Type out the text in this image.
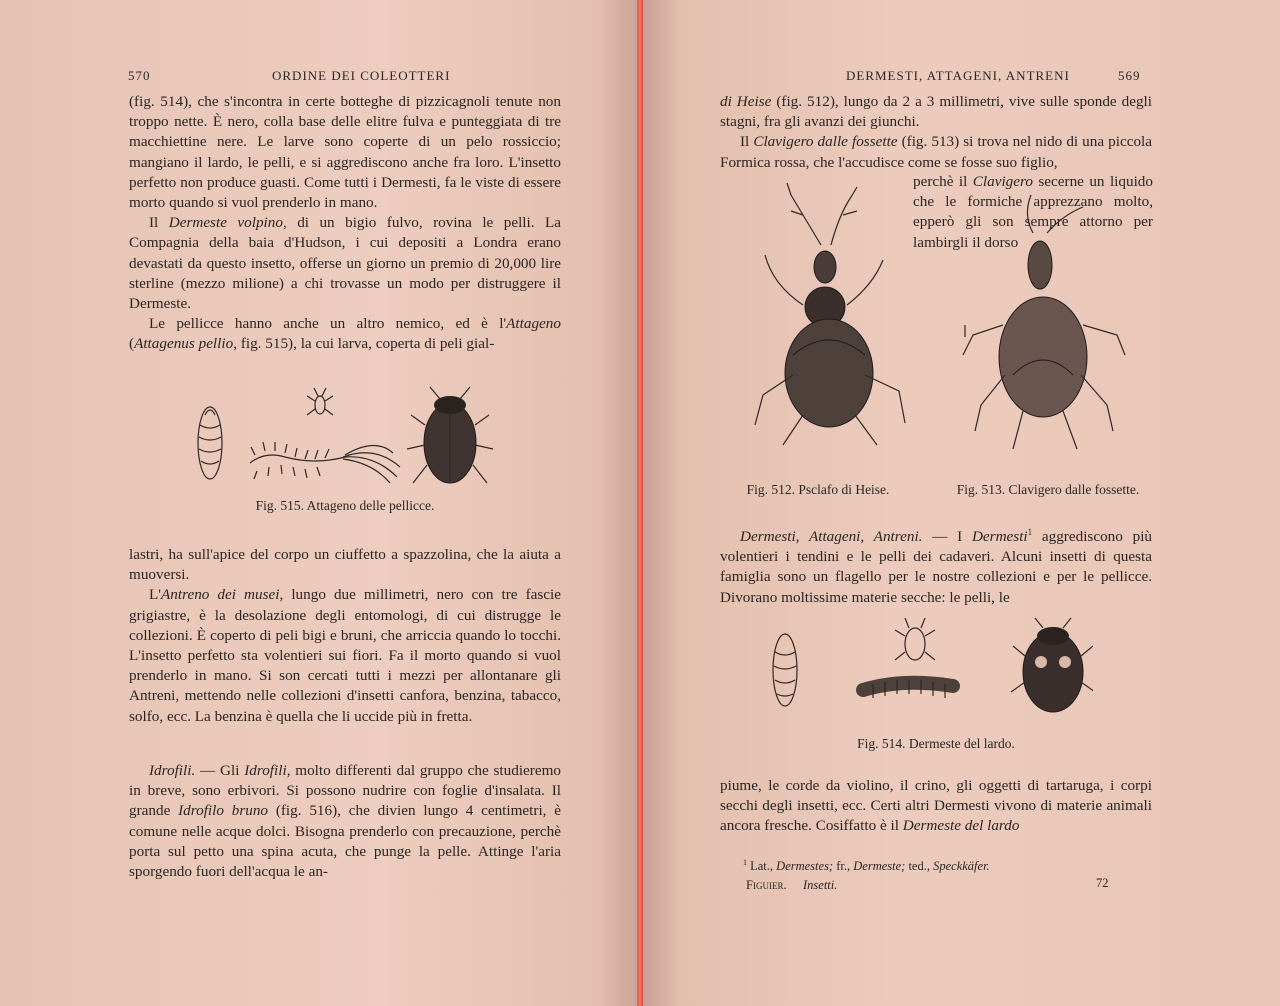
570	ORDINE DEI COLEOTTERI

(fig. 514), che s'incontra in certe botteghe di pizzicagnoli tenute non troppo nette. È nero, colla base delle elitre fulva e punteggiata di tre macchiettine nere. Le larve sono coperte di un pelo rossiccio; mangiano il lardo, le pelli, e si aggrediscono anche fra loro. L'insetto perfetto non produce guasti. Come tutti i Dermesti, fa le viste di essere morto quando si vuol prenderlo in mano.

Il Dermeste volpino, di un bigio fulvo, rovina le pelli. La Compagnia della baia d'Hudson, i cui depositi a Londra erano devastati da questo insetto, offerse un giorno un premio di 20,000 lire sterline (mezzo milione) a chi trovasse un modo per distruggere il Dermeste.

Le pellicce hanno anche un altro nemico, ed è l'Attageno (Attagenus pellio, fig. 515), la cui larva, coperta di peli gial-

Fig. 515. Attageno delle pellicce.

lastri, ha sull'apice del corpo un ciuffetto a spazzolina, che la aiuta a muoversi.

L'Antreno dei musei, lungo due millimetri, nero con tre fascie grigiastre, è la desolazione degli entomologi, di cui distrugge le collezioni. È coperto di peli bigi e bruni, che arriccia quando lo tocchi. L'insetto perfetto sta volentieri sui fiori. Fa il morto quando si vuol prenderlo in mano. Si son cercati tutti i mezzi per allontanare gli Antreni, mettendo nelle collezioni d'insetti canfora, benzina, tabacco, solfo, ecc. La benzina è quella che li uccide più in fretta.

Idrofili. — Gli Idrofili, molto differenti dal gruppo che studieremo in breve, sono erbivori. Si possono nudrire con foglie d'insalata. Il grande Idrofilo bruno (fig. 516), che divien lungo 4 centimetri, è comune nelle acque dolci. Bisogna prenderlo con precauzione, perchè porta sul petto una spina acuta, che punge la pelle. Attinge l'aria sporgendo fuori dell'acqua le an-

DERMESTI, ATTAGENI, ANTRENI	569

di Heise (fig. 512), lungo da 2 a 3 millimetri, vive sulle sponde degli stagni, fra gli avanzi dei giunchi.

Il Clavigero dalle fossette (fig. 513) si trova nel nido di una piccola Formica rossa, che l'accudisce come se fosse suo figlio,

perchè il Clavigero secerne un liquido che le formiche apprezzano molto, epperò gli son sempre attorno per lambirgli il dorso

Fig. 512. Psclafo di Heise.	Fig. 513. Clavigero dalle fossette.

Dermesti, Attageni, Antreni. — I Dermesti$^1$ aggrediscono più volentieri i tendini e le pelli dei cadaveri. Alcuni insetti di questa famiglia sono un flagello per le nostre collezioni e per le pellicce. Divorano moltissime materie secche: le pelli, le

Fig. 514. Dermeste del lardo.

piume, le corde da violino, il crino, gli oggetti di tartaruga, i corpi secchi degli insetti, ecc. Certi altri Dermesti vivono di materie animali ancora fresche. Cosiffatto è il Dermeste del lardo

$^1$ Lat., Dermestes; fr., Dermeste; ted., Speckkäfer.
Figuier. Insetti.	72
